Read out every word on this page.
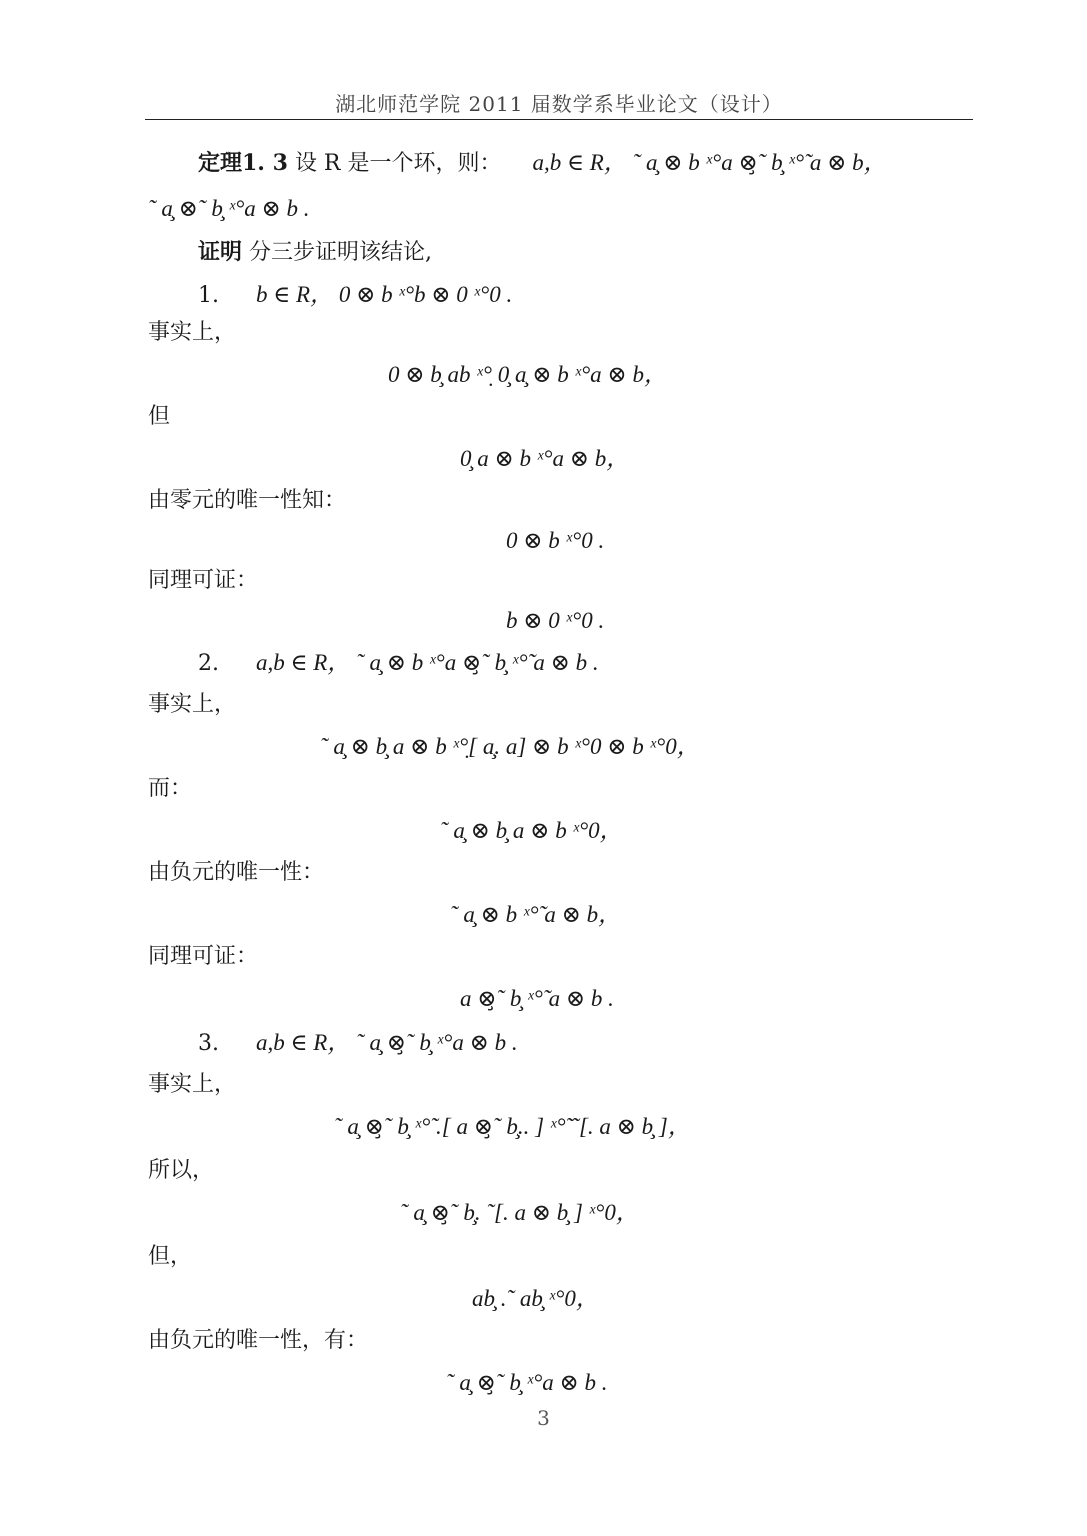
湖北师范学院 2011 届数学系毕业论文（设计）
定理1. 3 设 R 是一个环，则： a,b ∈ R， ˜ a̧ ⊗ b ˣ°a ⊗̧˜ b̧ ˣ°̃ a ⊗ b，
˜ a̧ ⊗˜ b̧ ˣ°a ⊗ b .
证明 分三步证明该结论,
1. b ∈ R， 0 ⊗ b ˣ°b ⊗ 0 ˣ°0 .
事实上，
0 ⊗ b̧ ab ˣ°̣ 0̧ a̧ ⊗ b ˣ°a ⊗ b，
但
0̧ a ⊗ b ˣ°a ⊗ b，
由零元的唯一性知：
0 ⊗ b ˣ°0 .
同理可证：
b ⊗ 0 ˣ°0 .
2. a,b ∈ R， ˜ a̧ ⊗ b ˣ°a ⊗̧˜ b̧ ˣ°̃ a ⊗ b .
事实上，
˜ a̧ ⊗ b̧ a ⊗ b ˣ°̣[ a̧. a] ⊗ b ˣ°0 ⊗ b ˣ°0，
而：
˜ a̧ ⊗ b̧ a ⊗ b ˣ°0，
由负元的唯一性：
˜ a̧ ⊗ b ˣ°̃ a ⊗ b，
同理可证：
a ⊗̧˜ b̧ ˣ°̃ a ⊗ b .
3. a,b ∈ R， ˜ a̧ ⊗̧˜ b̧ ˣ°a ⊗ b .
事实上，
˜ a̧ ⊗̧˜ b̧ ˣ°̃ .[ a ⊗̧˜ b̧.. ] ˣ°̃ ˜[. a ⊗ b̧ ]，
所以，
˜ a̧ ⊗̧˜ b̧. ˜[. a ⊗ b̧ ] ˣ°0，
但，
ab̧ .˜ ab̧ ˣ°0，
由负元的唯一性，有：
˜ a̧ ⊗̧˜ b̧ ˣ°a ⊗ b .
3
